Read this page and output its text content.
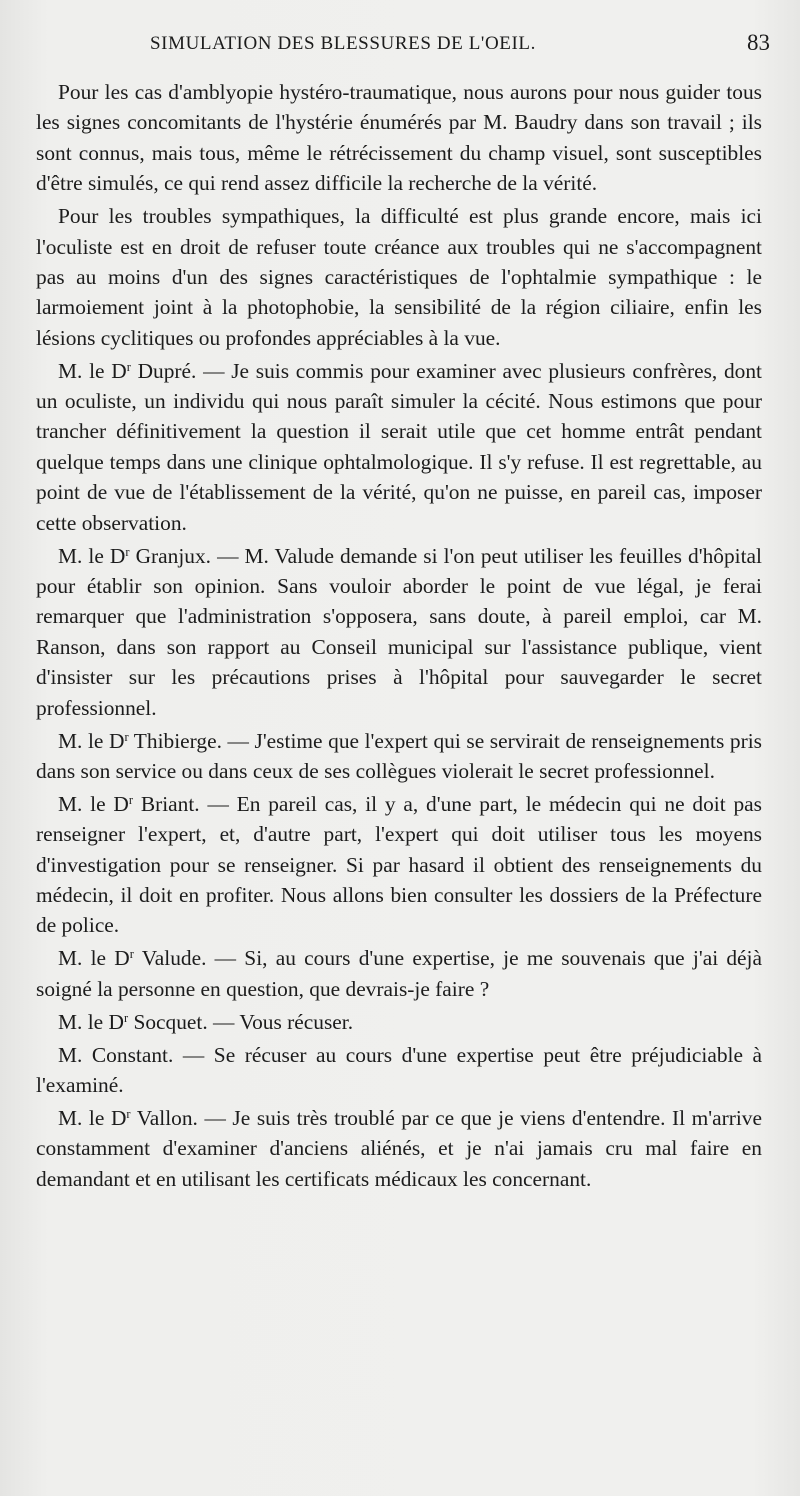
SIMULATION DES BLESSURES DE L'OEIL.	83

Pour les cas d'amblyopie hystéro-traumatique, nous aurons pour nous guider tous les signes concomitants de l'hystérie énumérés par M. Baudry dans son travail ; ils sont connus, mais tous, même le rétrécissement du champ visuel, sont susceptibles d'être simulés, ce qui rend assez difficile la recherche de la vérité.

Pour les troubles sympathiques, la difficulté est plus grande encore, mais ici l'oculiste est en droit de refuser toute créance aux troubles qui ne s'accompagnent pas au moins d'un des signes caractéristiques de l'ophtalmie sympathique : le larmoiement joint à la photophobie, la sensibilité de la région ciliaire, enfin les lésions cyclitiques ou profondes appréciables à la vue.

M. le $D^r$ Dupré. — Je suis commis pour examiner avec plusieurs confrères, dont un oculiste, un individu qui nous paraît simuler la cécité. Nous estimons que pour trancher définitivement la question il serait utile que cet homme entrât pendant quelque temps dans une clinique ophtalmologique. Il s'y refuse. Il est regrettable, au point de vue de l'établissement de la vérité, qu'on ne puisse, en pareil cas, imposer cette observation.

M. le $D^r$ Granjux. — M. Valude demande si l'on peut utiliser les feuilles d'hôpital pour établir son opinion. Sans vouloir aborder le point de vue légal, je ferai remarquer que l'administration s'opposera, sans doute, à pareil emploi, car M. Ranson, dans son rapport au Conseil municipal sur l'assistance publique, vient d'insister sur les précautions prises à l'hôpital pour sauvegarder le secret professionnel.

M. le $D^r$ Thibierge. — J'estime que l'expert qui se servirait de renseignements pris dans son service ou dans ceux de ses collègues violerait le secret professionnel.

M. le $D^r$ Briant. — En pareil cas, il y a, d'une part, le médecin qui ne doit pas renseigner l'expert, et, d'autre part, l'expert qui doit utiliser tous les moyens d'investigation pour se renseigner. Si par hasard il obtient des renseignements du médecin, il doit en profiter. Nous allons bien consulter les dossiers de la Préfecture de police.

M. le $D^r$ Valude. — Si, au cours d'une expertise, je me souvenais que j'ai déjà soigné la personne en question, que devrais-je faire ?

M. le $D^r$ Socquet. — Vous récuser.

M. Constant. — Se récuser au cours d'une expertise peut être préjudiciable à l'examiné.

M. le $D^r$ Vallon. — Je suis très troublé par ce que je viens d'entendre. Il m'arrive constamment d'examiner d'anciens aliénés, et je n'ai jamais cru mal faire en demandant et en utilisant les certificats médicaux les concernant.
